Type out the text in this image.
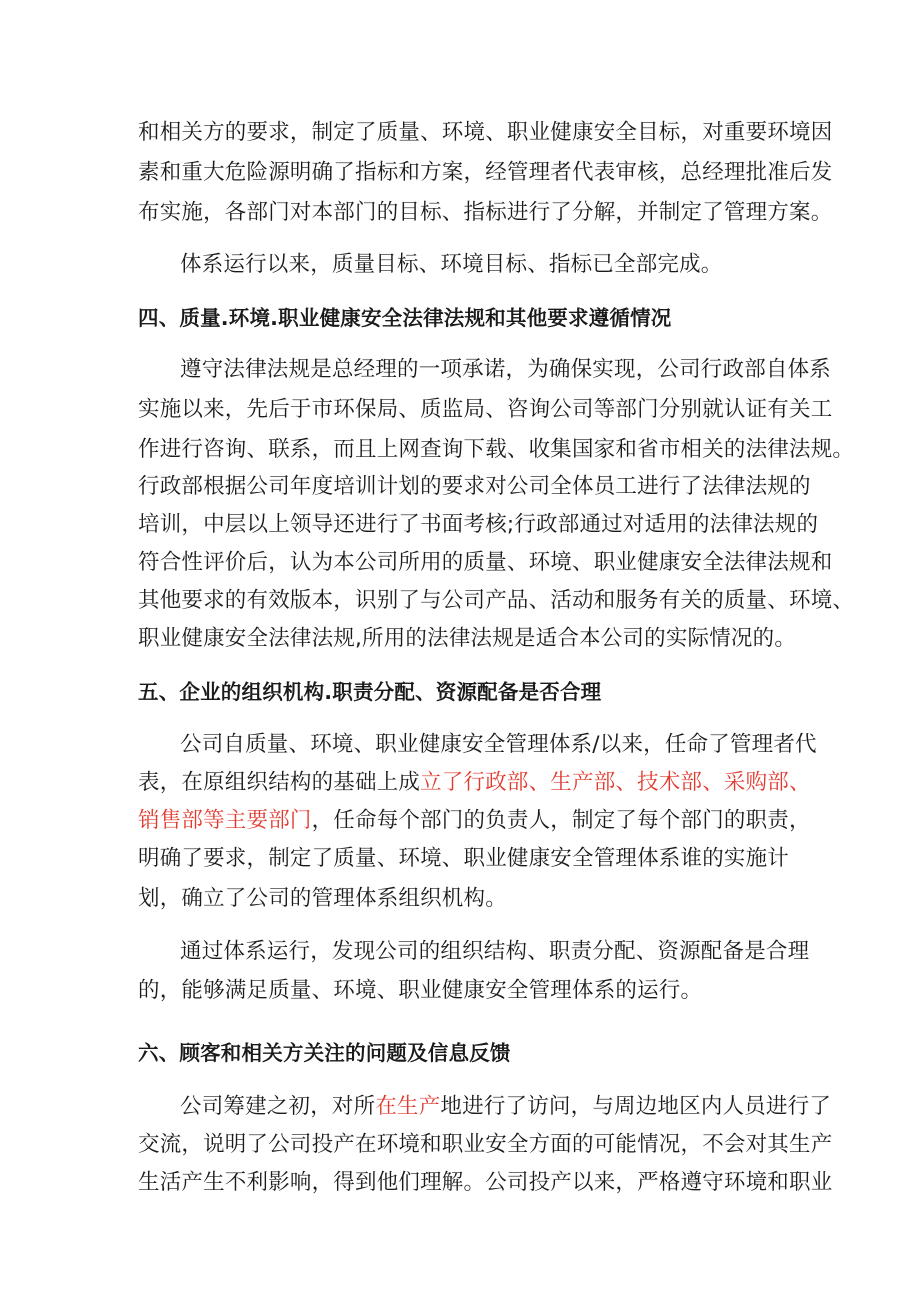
和相关方的要求，制定了质量、环境、职业健康安全目标，对重要环境因
素和重大危险源明确了指标和方案，经管理者代表审核，总经理批准后发
布实施，各部门对本部门的目标、指标进行了分解，并制定了管理方案。
体系运行以来，质量目标、环境目标、指标已全部完成。
四、质量.环境.职业健康安全法律法规和其他要求遵循情况
遵守法律法规是总经理的一项承诺，为确保实现，公司行政部自体系
实施以来，先后于市环保局、质监局、咨询公司等部门分别就认证有关工
作进行咨询、联系，而且上网查询下载、收集国家和省市相关的法律法规。
行政部根据公司年度培训计划的要求对公司全体员工进行了法律法规的
培训，中层以上领导还进行了书面考核;行政部通过对适用的法律法规的
符合性评价后，认为本公司所用的质量、环境、职业健康安全法律法规和
其他要求的有效版本，识别了与公司产品、活动和服务有关的质量、环境、
职业健康安全法律法规,所用的法律法规是适合本公司的实际情况的。
五、企业的组织机构.职责分配、资源配备是否合理
公司自质量、环境、职业健康安全管理体系/以来，任命了管理者代
表，在原组织结构的基础上成立了行政部、生产部、技术部、采购部、
销售部等主要部门，任命每个部门的负责人，制定了每个部门的职责，
明确了要求，制定了质量、环境、职业健康安全管理体系谁的实施计
划，确立了公司的管理体系组织机构。
通过体系运行，发现公司的组织结构、职责分配、资源配备是合理
的，能够满足质量、环境、职业健康安全管理体系的运行。
六、顾客和相关方关注的问题及信息反馈
公司筹建之初，对所在生产地进行了访问，与周边地区内人员进行了
交流，说明了公司投产在环境和职业安全方面的可能情况，不会对其生产
生活产生不利影响，得到他们理解。公司投产以来，严格遵守环境和职业
